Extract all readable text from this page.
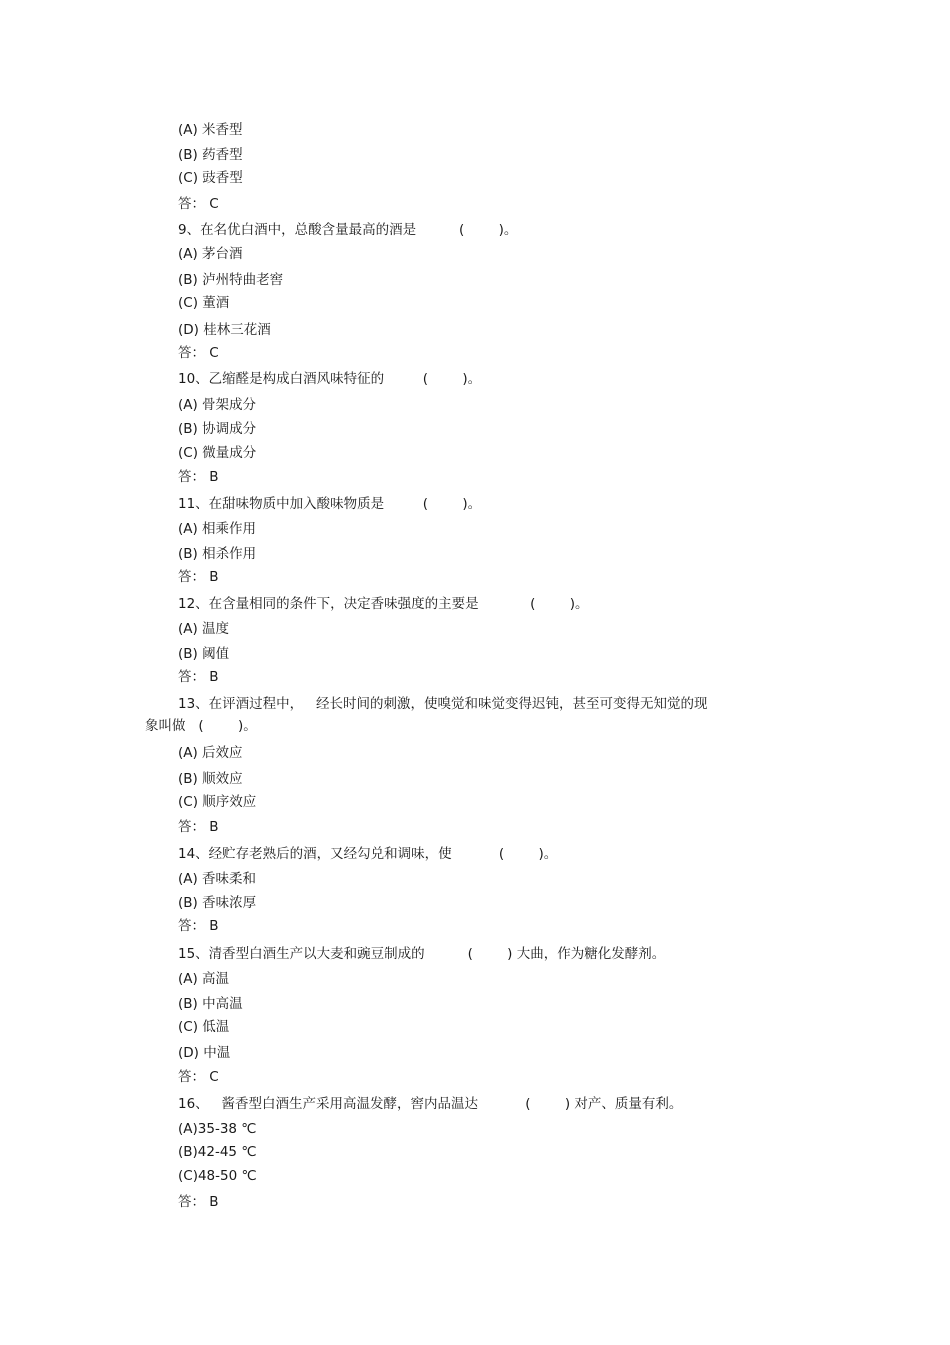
(A) 米香型

(B) 药香型

(C) 豉香型

答： C

9、在名优白酒中，总酸含量最高的酒是          (        )。

(A) 茅台酒

(B) 泸州特曲老窖

(C) 董酒

(D) 桂林三花酒

答： C

10、乙缩醛是构成白酒风味特征的         (        )。

(A) 骨架成分

(B) 协调成分

(C) 微量成分

答： B

11、在甜味物质中加入酸味物质是         (        )。

(A) 相乘作用

(B) 相杀作用

答： B

12、在含量相同的条件下，决定香味强度的主要是            (        )。

(A) 温度

(B) 阈值

答： B

13、在评酒过程中，   经长时间的刺激，使嗅觉和味觉变得迟钝，甚至可变得无知觉的现

象叫做   (        )。

(A) 后效应

(B) 顺效应

(C) 顺序效应

答： B

14、经贮存老熟后的酒，又经勾兑和调味，使           (        )。

(A) 香味柔和

(B) 香味浓厚

答： B

15、清香型白酒生产以大麦和豌豆制成的          (        ) 大曲，作为糖化发酵剂。

(A) 高温

(B) 中高温

(C) 低温

(D) 中温

答： C

16、   酱香型白酒生产采用高温发酵，窖内品温达           (        ) 对产、质量有利。

(A)35-38 ℃

(B)42-45 ℃

(C)48-50 ℃

答： B
